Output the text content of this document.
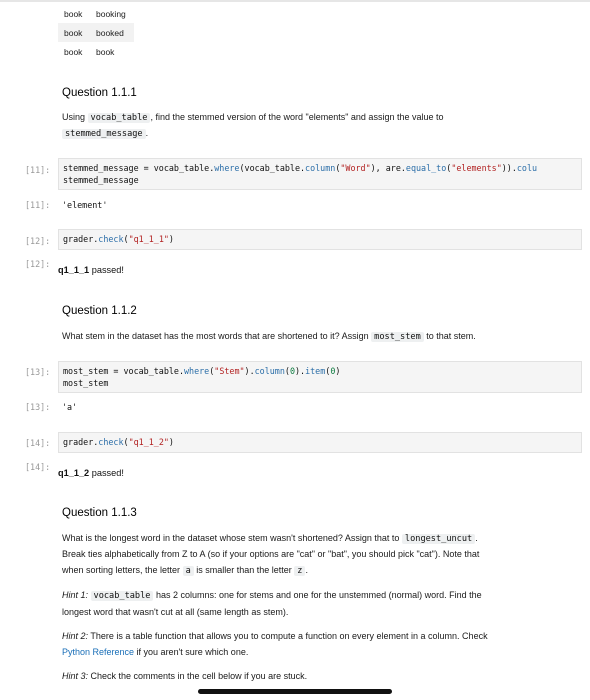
book	booking
book	booked
book	book
Question 1.1.1
Using vocab_table , find the stemmed version of the word "elements" and assign the value to
stemmed_message .
[11]:	stemmed_message = vocab_table.where(vocab_table.column("Word"), are.equal_to("elements")).colu
stemmed_message
[11]:	'element'
[12]:	grader.check("q1_1_1")
[12]:
q1_1_1 passed!
Question 1.1.2
What stem in the dataset has the most words that are shortened to it? Assign most_stem to that stem.
[13]:	most_stem = vocab_table.where("Stem").column(0).item(0)
most_stem
[13]:	'a'
[14]:	grader.check("q1_1_2")
[14]:
q1_1_2 passed!
Question 1.1.3
What is the longest word in the dataset whose stem wasn't shortened? Assign that to longest_uncut .
Break ties alphabetically from Z to A (so if your options are "cat" or "bat", you should pick "cat"). Note that
when sorting letters, the letter a is smaller than the letter z .
Hint 1: vocab_table has 2 columns: one for stems and one for the unstemmed (normal) word. Find the
longest word that wasn't cut at all (same length as stem).
Hint 2: There is a table function that allows you to compute a function on every element in a column. Check
Python Reference if you aren't sure which one.
Hint 3: Check the comments in the cell below if you are stuck.
